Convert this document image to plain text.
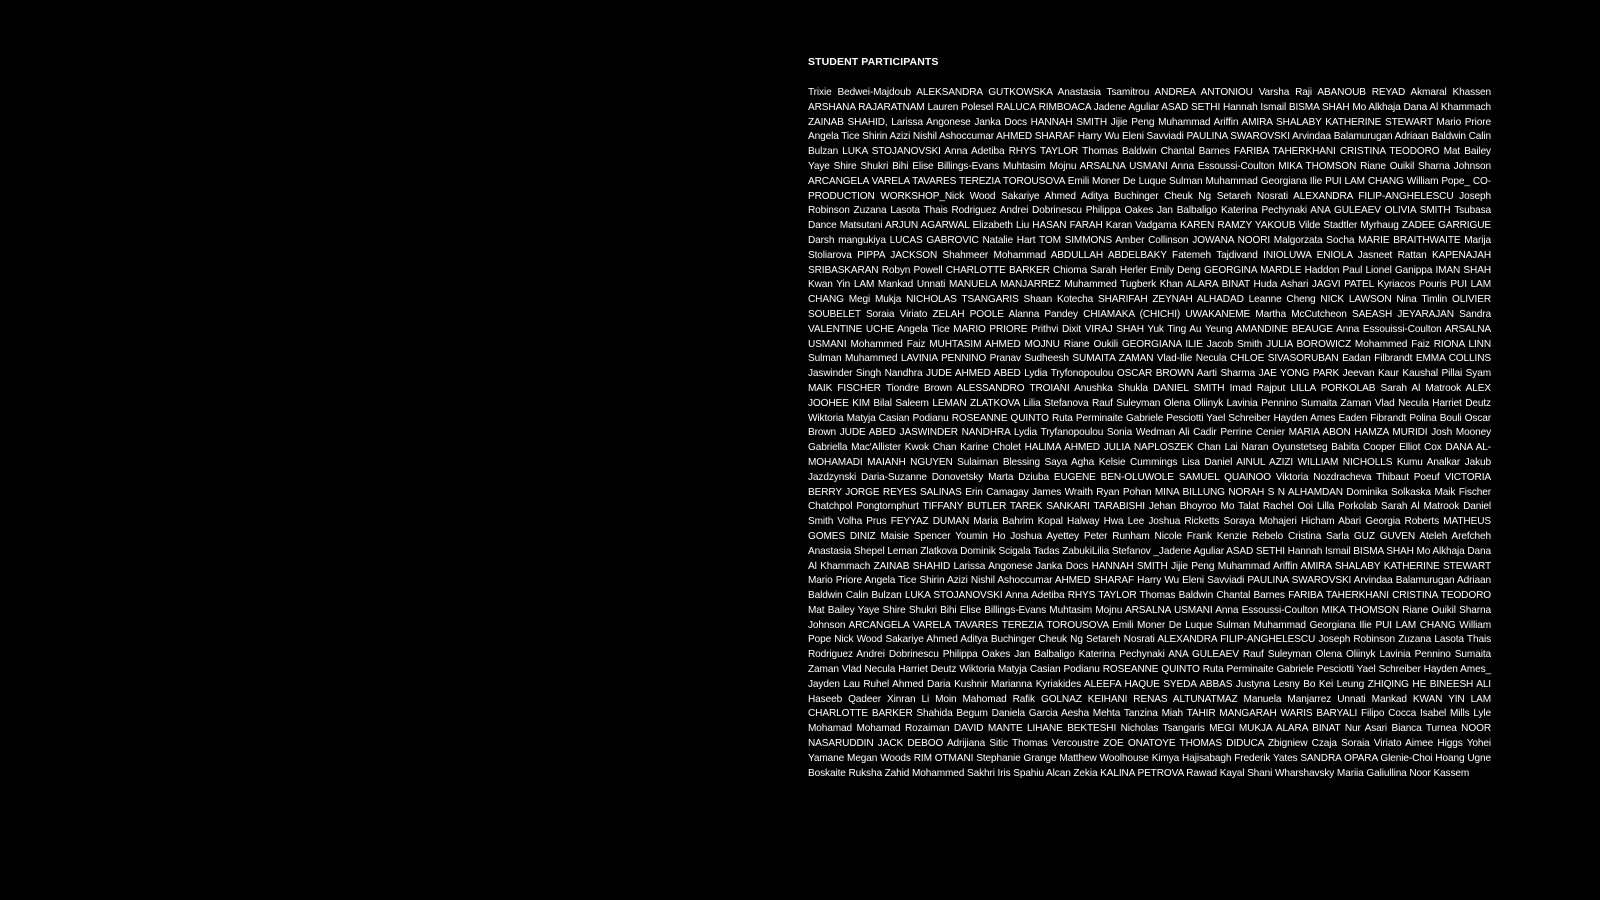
STUDENT PARTICIPANTS

Trixie Bedwei-Majdoub ALEKSANDRA GUTKOWSKA Anastasia Tsamitrou ANDREA ANTONIOU Varsha Raji ABANOUB REYAD Akmaral Khassen ARSHANA RAJARATNAM Lauren Polesel RALUCA RIMBOACA Jadene Aguliar ASAD SETHI Hannah Ismail BISMA SHAH Mo Alkhaja Dana Al Khammach ZAINAB SHAHID, Larissa Angonese Janka Docs HANNAH SMITH Jijie Peng Muhammad Ariffin AMIRA SHALABY KATHERINE STEWART Mario Priore Angela Tice Shirin Azizi Nishil Ashoccumar AHMED SHARAF Harry Wu Eleni Savviadi PAULINA SWAROVSKI Arvindaa Balamurugan Adriaan Baldwin Calin Bulzan LUKA STOJANOVSKI Anna Adetiba RHYS TAYLOR Thomas Baldwin Chantal Barnes FARIBA TAHERKHANI CRISTINA TEODORO Mat Bailey Yaye Shire Shukri Bihi Elise Billings-Evans Muhtasim Mojnu ARSALNA USMANI Anna Essoussi-Coulton MIKA THOMSON Riane Ouikil Sharna Johnson ARCANGELA VARELA TAVARES TEREZIA TOROUSOVA Emili Moner De Luque Sulman Muhammad Georgiana Ilie PUI LAM CHANG William Pope_ CO-PRODUCTION WORKSHOP_Nick Wood Sakariye Ahmed Aditya Buchinger Cheuk Ng Setareh Nosrati ALEXANDRA FILIP-ANGHELESCU Joseph Robinson Zuzana Lasota Thais Rodriguez Andrei Dobrinescu Philippa Oakes Jan Balbaligo Katerina Pechynaki ANA GULEAEV OLIVIA SMITH Tsubasa Dance Matsutani ARJUN AGARWAL Elizabeth Liu HASAN FARAH Karan Vadgama KAREN RAMZY YAKOUB Vilde Stadtler Myrhaug ZADEE GARRIGUE Darsh mangukiya LUCAS GABROVIC Natalie Hart TOM SIMMONS Amber Collinson JOWANA NOORI Malgorzata Socha MARIE BRAITHWAITE Marija Stoliarova PIPPA JACKSON Shahmeer Mohammad ABDULLAH ABDELBAKY Fatemeh Tajdivand INIOLUWA ENIOLA Jasneet Rattan KAPENAJAH SRIBASKARAN Robyn Powell CHARLOTTE BARKER Chioma Sarah Herler Emily Deng GEORGINA MARDLE Haddon Paul Lionel Ganippa IMAN SHAH Kwan Yin LAM Mankad Unnati MANUELA MANJARREZ Muhammed Tugberk Khan ALARA BINAT Huda Ashari JAGVI PATEL Kyriacos Pouris PUI LAM CHANG Megi Mukja NICHOLAS TSANGARIS Shaan Kotecha SHARIFAH ZEYNAH ALHADAD Leanne Cheng NICK LAWSON Nina Timlin OLIVIER SOUBELET Soraia Viriato ZELAH POOLE Alanna Pandey CHIAMAKA (CHICHI) UWAKANEME Martha McCutcheon SAEASH JEYARAJAN Sandra VALENTINE UCHE Angela Tice MARIO PRIORE Prithvi Dixit VIRAJ SHAH Yuk Ting Au Yeung AMANDINE BEAUGE Anna Essouissi-Coulton ARSALNA USMANI Mohammed Faiz MUHTASIM AHMED MOJNU Riane Oukili GEORGIANA ILIE Jacob Smith JULIA BOROWICZ Mohammed Faiz RIONA LINN Sulman Muhammed LAVINIA PENNINO Pranav Sudheesh SUMAITA ZAMAN Vlad-Ilie Necula CHLOE SIVASORUBAN Eadan Filbrandt EMMA COLLINS Jaswinder Singh Nandhra JUDE AHMED ABED Lydia Tryfonopoulou OSCAR BROWN Aarti Sharma JAE YONG PARK Jeevan Kaur Kaushal Pillai Syam MAIK FISCHER Tiondre Brown ALESSANDRO TROIANI Anushka Shukla DANIEL SMITH Imad Rajput LILLA PORKOLAB Sarah Al Matrook ALEX JOOHEE KIM Bilal Saleem LEMAN ZLATKOVA Lilia Stefanova Rauf Suleyman Olena Oliinyk Lavinia Pennino Sumaita Zaman Vlad Necula Harriet Deutz Wiktoria Matyja Casian Podianu ROSEANNE QUINTO Ruta Perminaite Gabriele Pesciotti Yael Schreiber Hayden Ames Eaden Fibrandt Polina Bouli Oscar Brown JUDE ABED JASWINDER NANDHRA Lydia Tryfanopoulou Sonia Wedman Ali Cadir Perrine Cenier MARIA ABON HAMZA MURIDI Josh Mooney Gabriella Mac'Allister Kwok Chan Karine Cholet HALIMA AHMED JULIA NAPLOSZEK Chan Lai Naran Oyunstetseg Babita Cooper Elliot Cox DANA AL-MOHAMADI MAIANH NGUYEN Sulaiman Blessing Saya Agha Kelsie Cummings Lisa Daniel AINUL AZIZI WILLIAM NICHOLLS Kumu Analkar Jakub Jazdzynski Daria-Suzanne Donovetsky Marta Dziuba EUGENE BEN-OLUWOLE SAMUEL QUAINOO Viktoria Nozdracheva Thibaut Poeuf VICTORIA BERRY JORGE REYES SALINAS Erin Camagay James Wraith Ryan Pohan MINA BILLUNG NORAH S N ALHAMDAN Dominika Solkaska Maik Fischer Chatchpol Pongtornphurt TIFFANY BUTLER TAREK SANKARI TARABISHI Jehan Bhoyroo Mo Talat Rachel Ooi Lilla Porkolab Sarah Al Matrook Daniel Smith Volha Prus FEYYAZ DUMAN Maria Bahrim Kopal Halway Hwa Lee Joshua Ricketts Soraya Mohajeri Hicham Abari Georgia Roberts MATHEUS GOMES DINIZ Maisie Spencer Youmin Ho Joshua Ayettey Peter Runham Nicole Frank Kenzie Rebelo Cristina Sarla GUZ GUVEN Ateleh Arefcheh Anastasia Shepel Leman Zlatkova Dominik Scigala Tadas ZabukiLilia Stefanov _Jadene Aguliar ASAD SETHI Hannah Ismail BISMA SHAH Mo Alkhaja Dana Al Khammach ZAINAB SHAHID Larissa Angonese Janka Docs HANNAH SMITH Jijie Peng Muhammad Ariffin AMIRA SHALABY KATHERINE STEWART Mario Priore Angela Tice Shirin Azizi Nishil Ashoccumar AHMED SHARAF Harry Wu Eleni Savviadi PAULINA SWAROVSKI Arvindaa Balamurugan Adriaan Baldwin Calin Bulzan LUKA STOJANOVSKI Anna Adetiba RHYS TAYLOR Thomas Baldwin Chantal Barnes FARIBA TAHERKHANI CRISTINA TEODORO Mat Bailey Yaye Shire Shukri Bihi Elise Billings-Evans Muhtasim Mojnu ARSALNA USMANI Anna Essoussi-Coulton MIKA THOMSON Riane Ouikil Sharna Johnson ARCANGELA VARELA TAVARES TEREZIA TOROUSOVA Emili Moner De Luque Sulman Muhammad Georgiana Ilie PUI LAM CHANG William Pope Nick Wood Sakariye Ahmed Aditya Buchinger Cheuk Ng Setareh Nosrati ALEXANDRA FILIP-ANGHELESCU Joseph Robinson Zuzana Lasota Thais Rodriguez Andrei Dobrinescu Philippa Oakes Jan Balbaligo Katerina Pechynaki ANA GULEAEV Rauf Suleyman Olena Oliinyk Lavinia Pennino Sumaita Zaman Vlad Necula Harriet Deutz Wiktoria Matyja Casian Podianu ROSEANNE QUINTO Ruta Perminaite Gabriele Pesciotti Yael Schreiber Hayden Ames_ Jayden Lau Ruhel Ahmed Daria Kushnir Marianna Kyriakides ALEEFA HAQUE SYEDA ABBAS Justyna Lesny Bo Kei Leung ZHIQING HE BINEESH ALI Haseeb Qadeer Xinran Li Moin Mahomad Rafik GOLNAZ KEIHANI RENAS ALTUNATMAZ Manuela Manjarrez Unnati Mankad KWAN YIN LAM CHARLOTTE BARKER Shahida Begum Daniela Garcia Aesha Mehta Tanzina Miah TAHIR MANGARAH WARIS BARYALI Filipo Cocca Isabel Mills Lyle Mohamad Mohamad Rozaiman DAVID MANTE LIHANE BEKTESHI Nicholas Tsangaris MEGI MUKJA ALARA BINAT Nur Asari Bianca Turnea NOOR NASARUDDIN JACK DEBOO Adrijiana Sitic Thomas Vercoustre ZOE ONATOYE THOMAS DIDUCA Zbigniew Czaja Soraia Viriato Aimee Higgs Yohei Yamane Megan Woods RIM OTMANI Stephanie Grange Matthew Woolhouse Kimya Hajisabagh Frederik Yates SANDRA OPARA Glenie-Choi Hoang Ugne Boskaite Ruksha Zahid Mohammed Sakhri Iris Spahiu Alcan Zekia KALINA PETROVA Rawad Kayal Shani Wharshavsky Mariia Galiullina Noor Kassem
